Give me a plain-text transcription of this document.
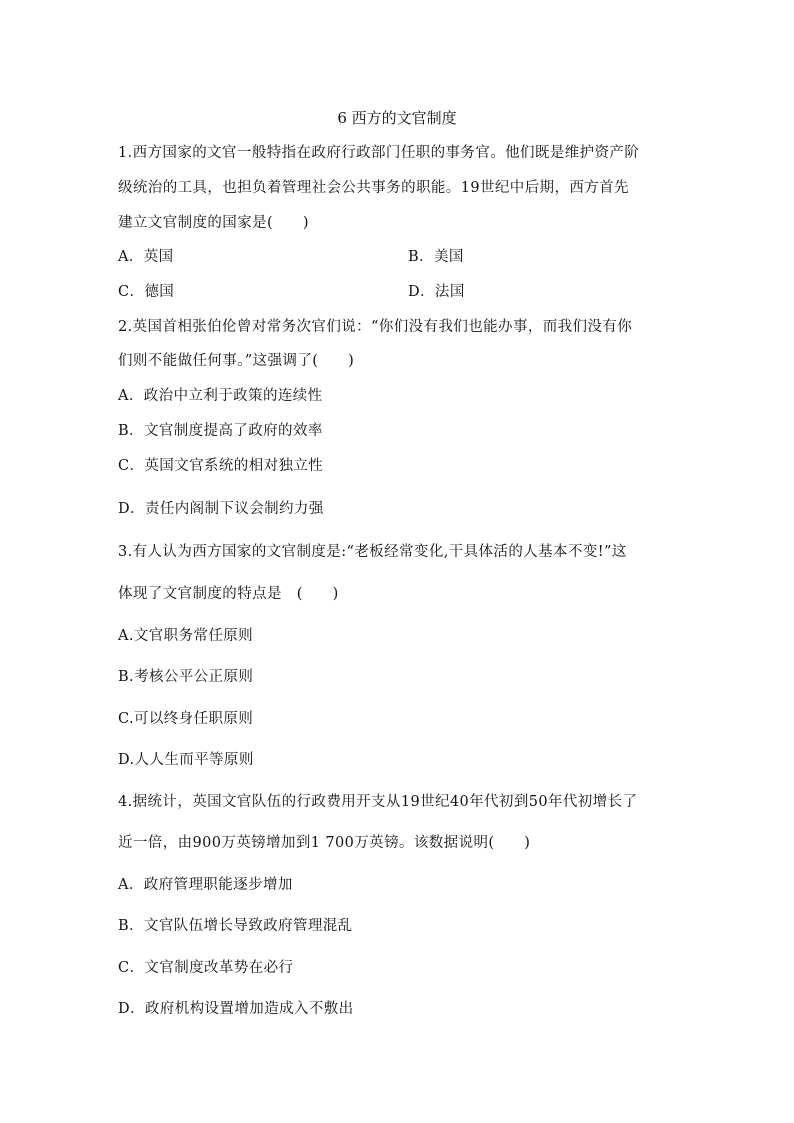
6 西方的文官制度
1.西方国家的文官一般特指在政府行政部门任职的事务官。他们既是维护资产阶
级统治的工具，也担负着管理社会公共事务的职能。19世纪中后期，西方首先
建立文官制度的国家是(　　)
A．英国	B．美国
C．德国	D．法国
2.英国首相张伯伦曾对常务次官们说：“你们没有我们也能办事，而我们没有你
们则不能做任何事。”这强调了(　　)
A．政治中立利于政策的连续性
B．文官制度提高了政府的效率
C．英国文官系统的相对独立性
D．责任内阁制下议会制约力强
3.有人认为西方国家的文官制度是:“老板经常变化,干具体活的人基本不变!”这
体现了文官制度的特点是　(　　)
A.文官职务常任原则
B.考核公平公正原则
C.可以终身任职原则
D.人人生而平等原则
4.据统计，英国文官队伍的行政费用开支从19世纪40年代初到50年代初增长了
近一倍，由900万英镑增加到1 700万英镑。该数据说明(　　)
A．政府管理职能逐步增加
B．文官队伍增长导致政府管理混乱
C．文官制度改革势在必行
D．政府机构设置增加造成入不敷出
